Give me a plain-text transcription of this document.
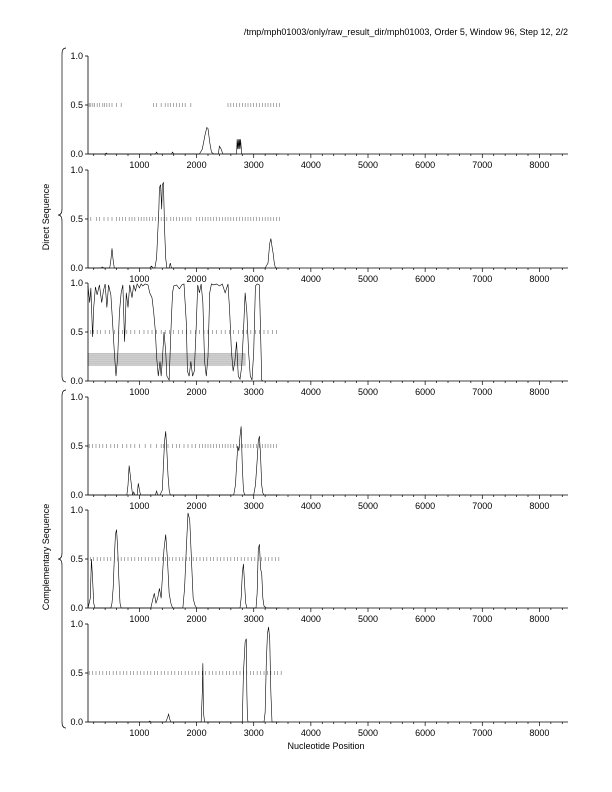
/tmp/mph01003/only/raw_result_dir/mph01003, Order 5, Window 96, Step 12, 2/2
0.0
0.5
1.0
1000	2000	3000	4000	5000	6000	7000	8000
0.0
0.5
1.0
1000	2000	3000	4000	5000	6000	7000	8000
0.0
0.5
1.0
1000	2000	3000	4000	5000	6000	7000	8000
0.0
0.5
1.0
1000	2000	3000	4000	5000	6000	7000	8000
0.0
0.5
1.0
1000	2000	3000	4000	5000	6000	7000	8000
0.0
0.5
1.0
1000	2000	3000	4000	5000	6000	7000	8000
Nucleotide Position
Direct Sequence
Complementary Sequence
